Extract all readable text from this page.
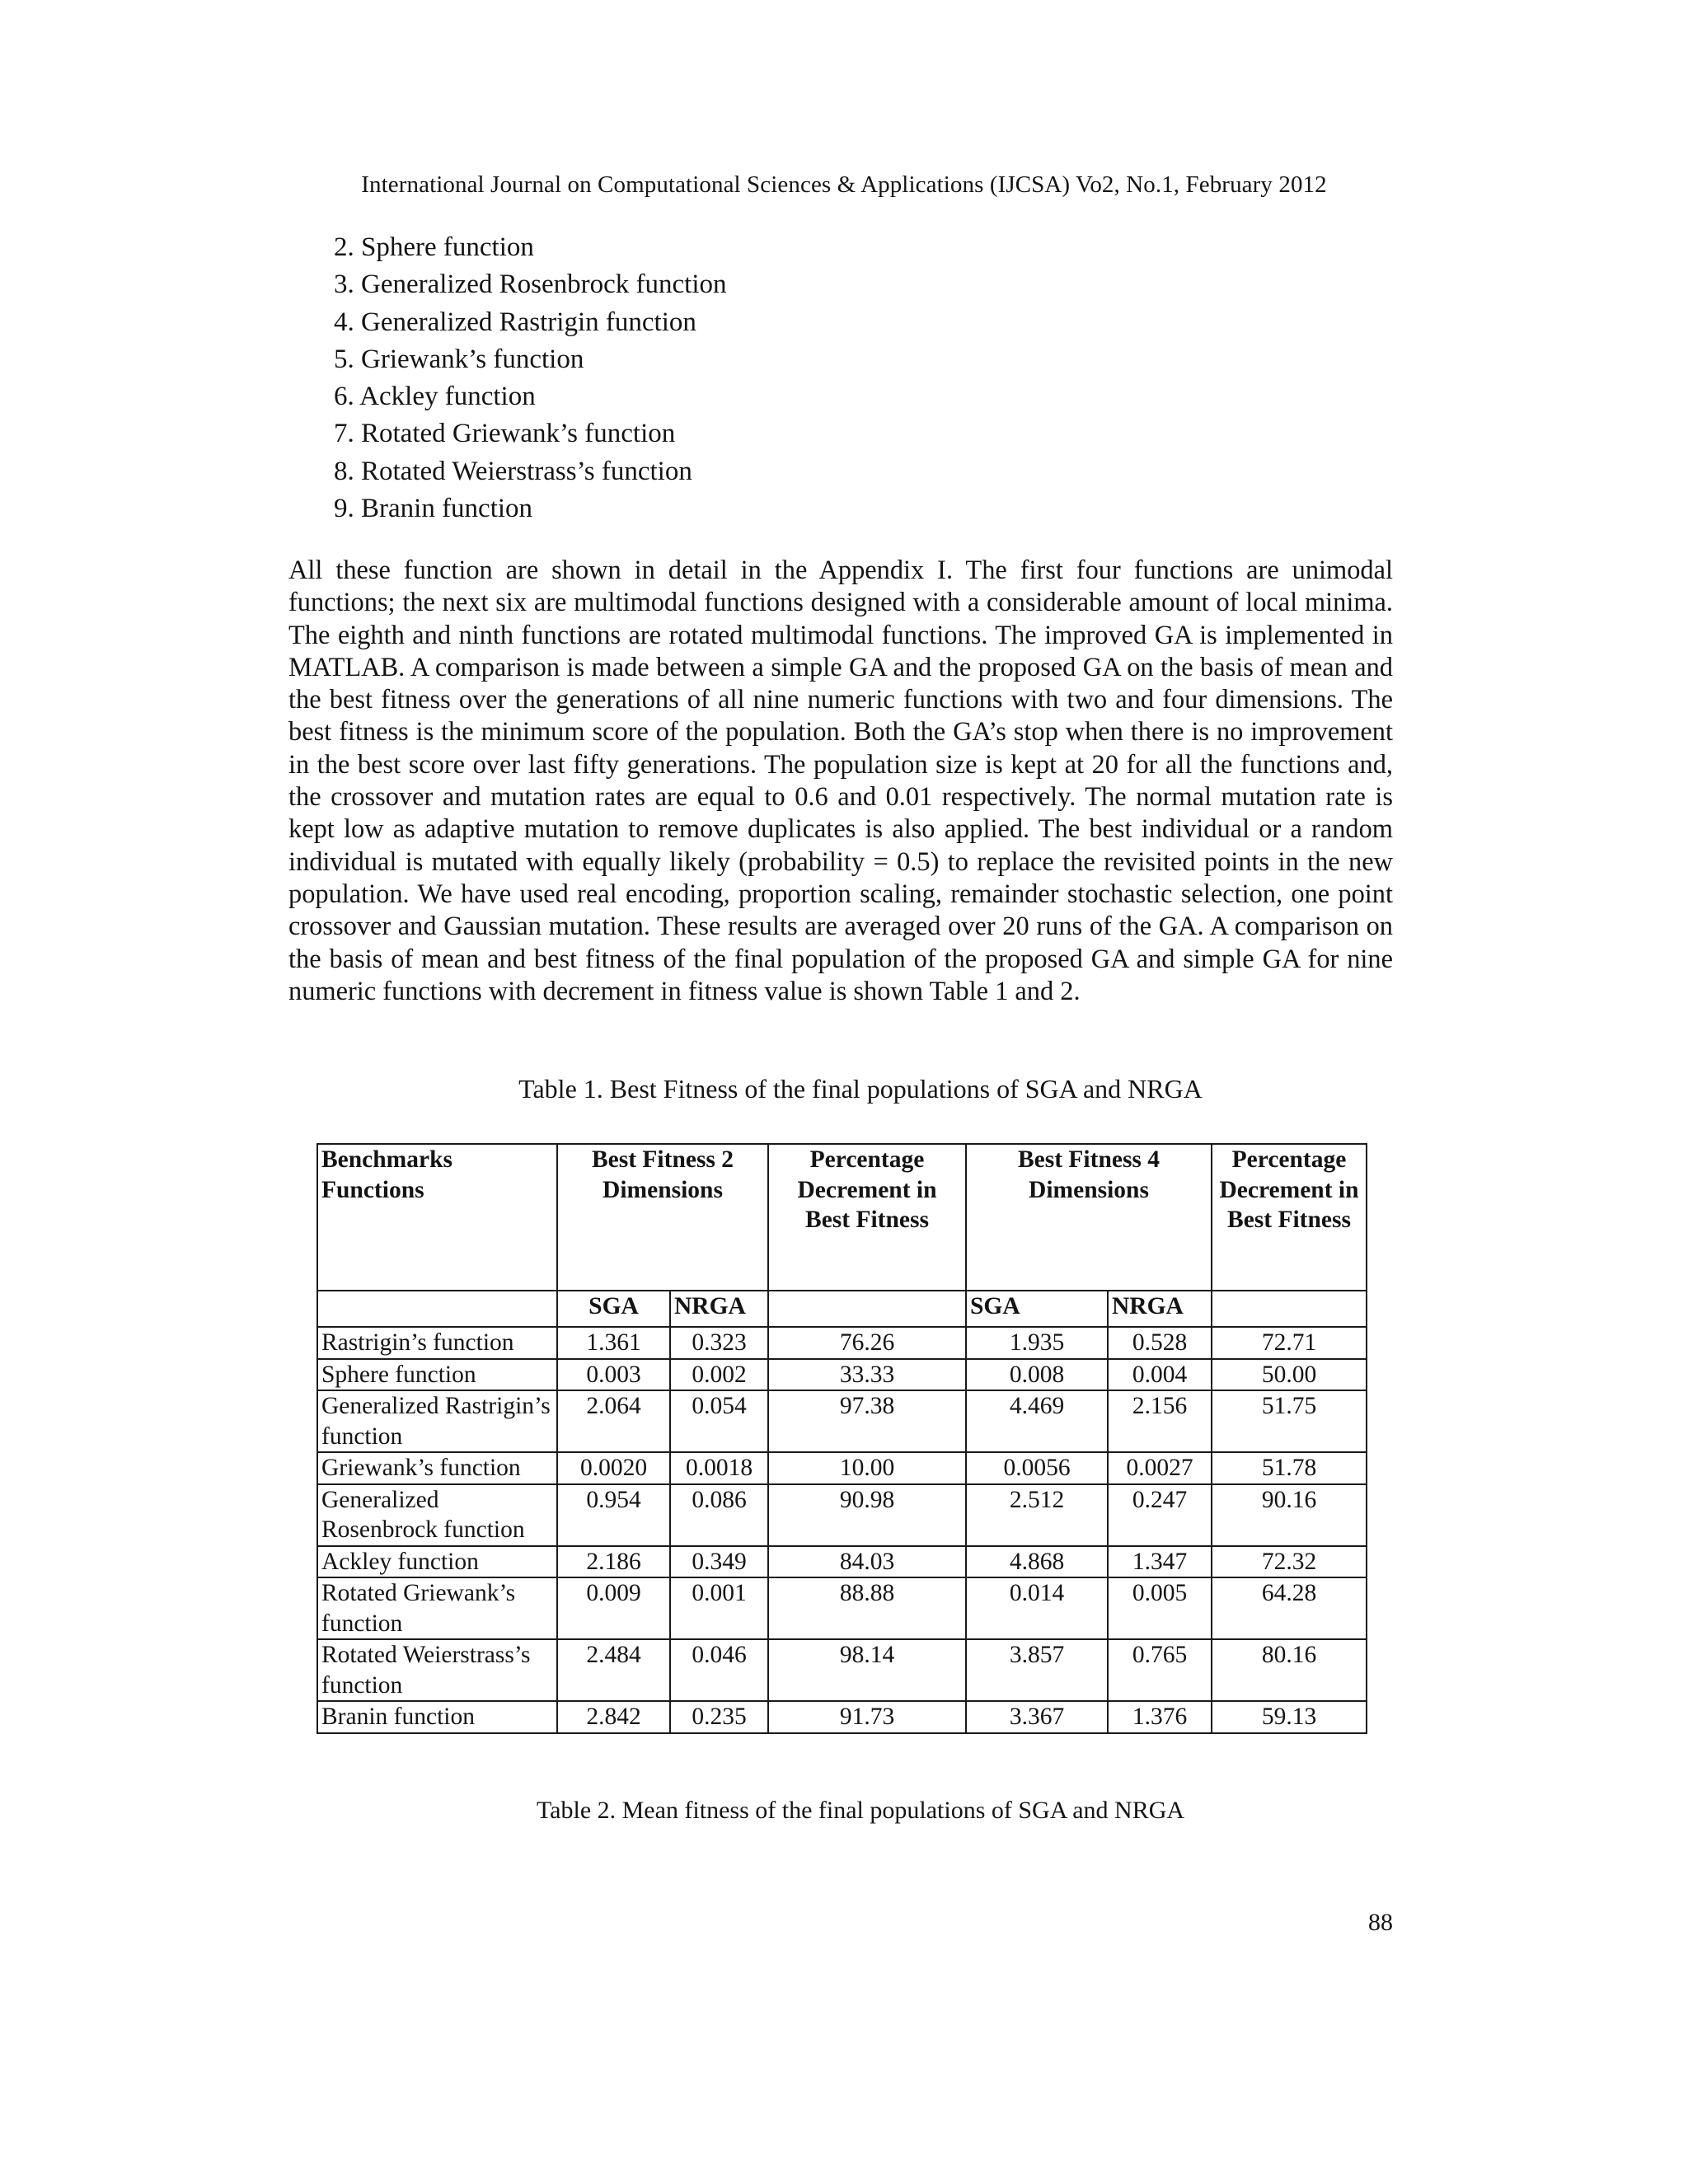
International Journal on Computational Sciences & Applications (IJCSA) Vo2, No.1, February 2012
2. Sphere function
3. Generalized Rosenbrock function
4. Generalized Rastrigin function
5. Griewank’s function
6. Ackley function
7. Rotated Griewank’s function
8. Rotated Weierstrass’s function
9. Branin function

All these function are shown in detail in the Appendix I. The first four functions are unimodal functions; the next six are multimodal functions designed with a considerable amount of local minima. The eighth and ninth functions are rotated multimodal functions. The improved GA is implemented in MATLAB. A comparison is made between a simple GA and the proposed GA on the basis of mean and the best fitness over the generations of all nine numeric functions with two and four dimensions. The best fitness is the minimum score of the population. Both the GA’s stop when there is no improvement in the best score over last fifty generations. The population size is kept at 20 for all the functions and, the crossover and mutation rates are equal to 0.6 and 0.01 respectively. The normal mutation rate is kept low as adaptive mutation to remove duplicates is also applied. The best individual or a random individual is mutated with equally likely (probability = 0.5) to replace the revisited points in the new population. We have used real encoding, proportion scaling, remainder stochastic selection, one point crossover and Gaussian mutation. These results are averaged over 20 runs of the GA. A comparison on the basis of mean and best fitness of the final population of the proposed GA and simple GA for nine numeric functions with decrement in fitness value is shown Table 1 and 2.

Table 1. Best Fitness of the final populations of SGA and NRGA
Benchmarks Functions	Best Fitness 2 Dimensions		Percentage Decrement in Best Fitness	Best Fitness 4 Dimensions		Percentage Decrement in Best Fitness
	SGA	NRGA		SGA	NRGA	
Rastrigin’s function	1.361	0.323	76.26	1.935	0.528	72.71
Sphere function	0.003	0.002	33.33	0.008	0.004	50.00
Generalized Rastrigin’s function	2.064	0.054	97.38	4.469	2.156	51.75
Griewank’s function	0.0020	0.0018	10.00	0.0056	0.0027	51.78
Generalized Rosenbrock function	0.954	0.086	90.98	2.512	0.247	90.16
Ackley function	2.186	0.349	84.03	4.868	1.347	72.32
Rotated Griewank’s function	0.009	0.001	88.88	0.014	0.005	64.28
Rotated Weierstrass’s function	2.484	0.046	98.14	3.857	0.765	80.16
Branin function	2.842	0.235	91.73	3.367	1.376	59.13
Table 2. Mean fitness of the final populations of SGA and NRGA
88
